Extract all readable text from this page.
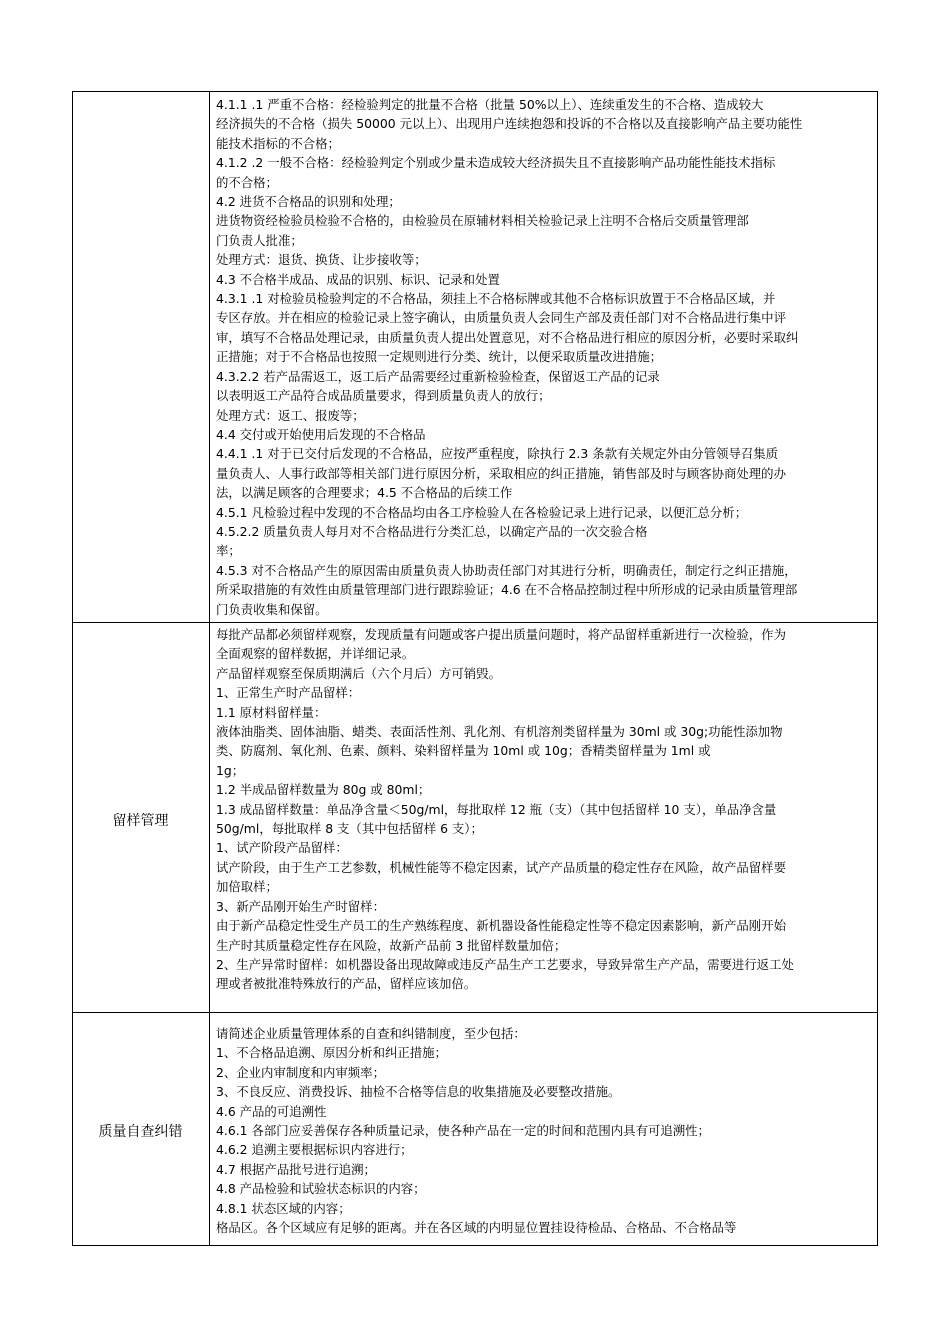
4.1.1 .1 严重不合格：经检验判定的批量不合格（批量 50%以上）、连续重发生的不合格、造成较大

经济损失的不合格（损失 50000 元以上）、出现用户连续抱怨和投诉的不合格以及直接影响产品主要功能性

能技术指标的不合格；

4.1.2 .2 一般不合格：经检验判定个别或少量未造成较大经济损失且不直接影响产品功能性能技术指标

的不合格；

4.2 进货不合格品的识别和处理；

进货物资经检验员检验不合格的，由检验员在原辅材料相关检验记录上注明不合格后交质量管理部

门负责人批准；

处理方式：退货、换货、让步接收等；

4.3 不合格半成品、成品的识别、标识、记录和处置

4.3.1 .1 对检验员检验判定的不合格品，须挂上不合格标牌或其他不合格标识放置于不合格品区域，并

专区存放。并在相应的检验记录上签字确认，由质量负责人会同生产部及责任部门对不合格品进行集中评

审，填写不合格品处理记录，由质量负责人提出处置意见，对不合格品进行相应的原因分析，必要时采取纠

正措施；对于不合格品也按照一定规则进行分类、统计，以便采取质量改进措施；

4.3.2.2 若产品需返工，返工后产品需要经过重新检验检查，保留返工产品的记录

以表明返工产品符合成品质量要求，得到质量负责人的放行；

处理方式：返工、报废等；

4.4 交付或开始使用后发现的不合格品

4.4.1 .1 对于已交付后发现的不合格品，应按严重程度，除执行 2.3 条款有关规定外由分管领导召集质

量负责人、人事行政部等相关部门进行原因分析，采取相应的纠正措施，销售部及时与顾客协商处理的办

法，以满足顾客的合理要求；4.5 不合格品的后续工作

4.5.1 凡检验过程中发现的不合格品均由各工序检验人在各检验记录上进行记录，以便汇总分析；

4.5.2.2 质量负责人每月对不合格品进行分类汇总，以确定产品的一次交验合格

率；

4.5.3 对不合格品产生的原因需由质量负责人协助责任部门对其进行分析，明确责任，制定行之纠正措施，

所采取措施的有效性由质量管理部门进行跟踪验证；4.6 在不合格品控制过程中所形成的记录由质量管理部

门负责收集和保留。

留样管理

每批产品都必须留样观察，发现质量有问题或客户提出质量问题时，将产品留样重新进行一次检验，作为

全面观察的留样数据，并详细记录。

产品留样观察至保质期满后（六个月后）方可销毁。

1、正常生产时产品留样：

1.1 原材料留样量：

液体油脂类、固体油脂、蜡类、表面活性剂、乳化剂、有机溶剂类留样量为 30ml 或 30g;功能性添加物

类、防腐剂、氧化剂、色素、颜料、染料留样量为 10ml 或 10g；香精类留样量为 1ml 或

1g；

1.2 半成品留样数量为 80g 或 80ml；

1.3 成品留样数量：单品净含量＜50g/ml，每批取样 12 瓶（支）（其中包括留样 10 支），单品净含量

50g/ml，每批取样 8 支（其中包括留样 6 支）；

1、试产阶段产品留样：

试产阶段，由于生产工艺参数，机械性能等不稳定因素，试产产品质量的稳定性存在风险，故产品留样要

加倍取样；

3、新产品刚开始生产时留样：

由于新产品稳定性受生产员工的生产熟练程度、新机器设备性能稳定性等不稳定因素影响，新产品刚开始

生产时其质量稳定性存在风险，故新产品前 3 批留样数量加倍；

2、生产异常时留样：如机器设备出现故障或违反产品生产工艺要求，导致异常生产产品，需要进行返工处

理或者被批准特殊放行的产品，留样应该加倍。

质量自查纠错

请简述企业质量管理体系的自查和纠错制度，至少包括：

1、不合格品追溯、原因分析和纠正措施；

2、企业内审制度和内审频率；

3、不良反应、消费投诉、抽检不合格等信息的收集措施及必要整改措施。

4.6 产品的可追溯性

4.6.1 各部门应妥善保存各种质量记录，使各种产品在一定的时间和范围内具有可追溯性；

4.6.2 追溯主要根据标识内容进行；

4.7 根据产品批号进行追溯；

4.8 产品检验和试验状态标识的内容；

4.8.1 状态区域的内容；

格品区。各个区域应有足够的距离。并在各区域的内明显位置挂设待检品、合格品、不合格品等
